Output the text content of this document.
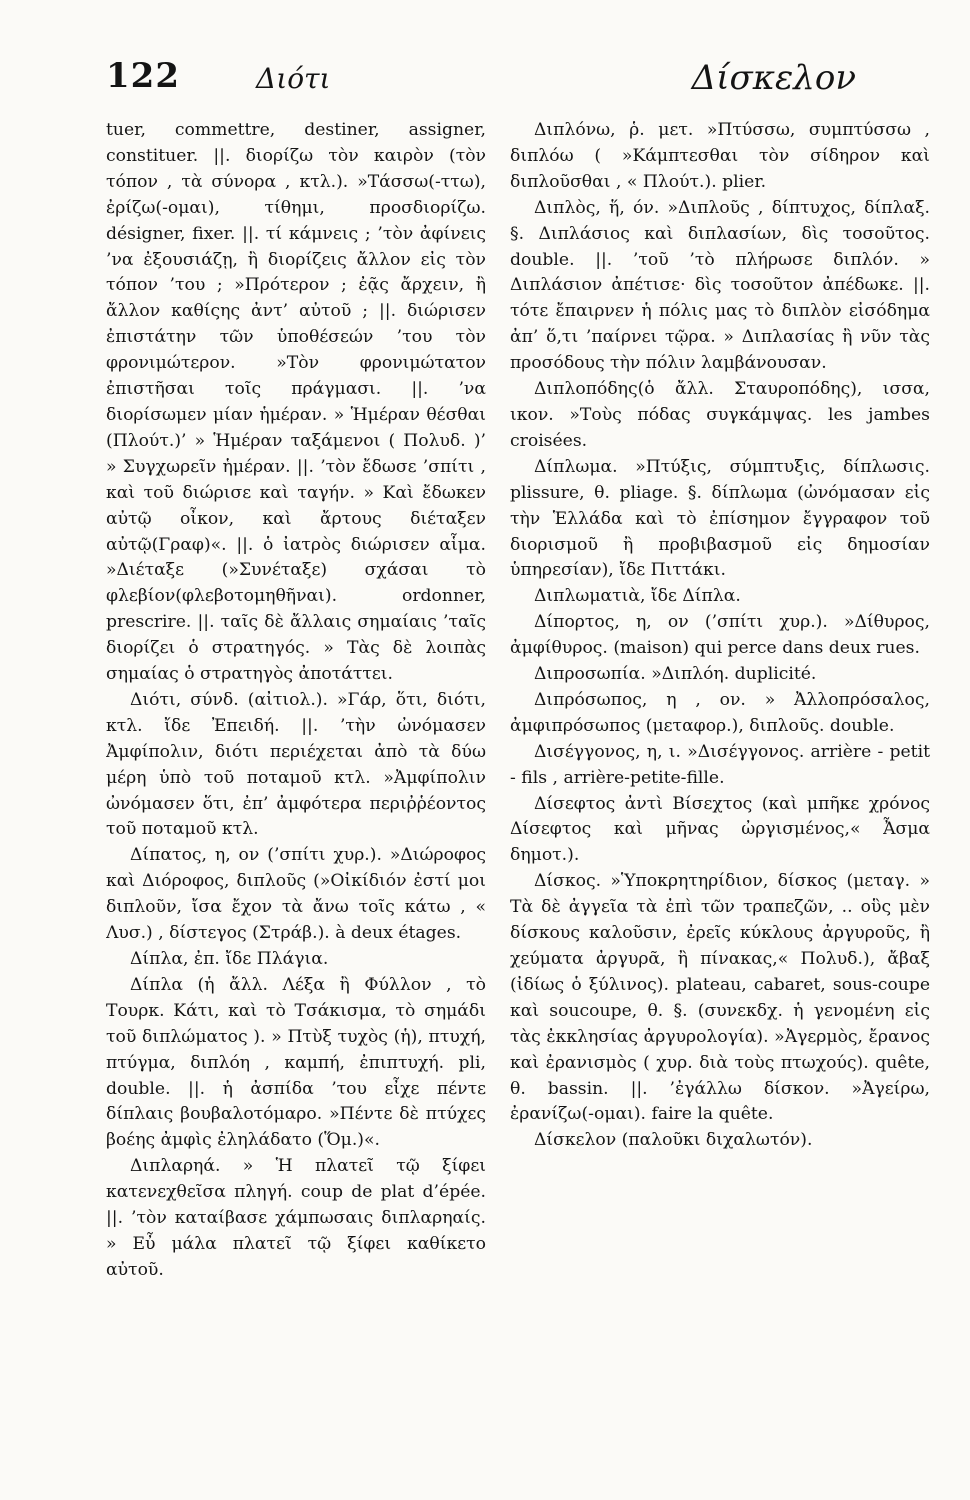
122	Διότι	Δίσκελον

tuer, commettre, destiner, assigner, constituer. ||. διορίζω τὸν καιρὸν (τὸν τόπον , τὰ σύνορα , κτλ.). »Τάσσω(-ττω), ἐρίζω(-ομαι), τίθημι, προσδιορίζω. désigner, fixer. ||. τί κάμνεις ; ’τὸν ἀφίνεις ’να ἐξουσιάζῃ, ἢ διορίζεις ἄλλον εἰς τὸν τόπον ’του ; »Πρότερον ; ἐᾷς ἄρχειν, ἢ ἄλλον καθίςης ἀντ’ αὐτοῦ ; ||. διώρισεν ἐπιστάτην τῶν ὑποθέσεών ’του τὸν φρονιμώτερον. »Τὸν φρονιμώτατον ἐπιστῆσαι τοῖς πράγμασι. ||. ’να διορίσωμεν μίαν ἡμέραν. » Ἡμέραν θέσθαι (Πλούτ.)’ » Ἡμέραν ταξάμενοι ( Πολυδ. )’ » Συγχωρεῖν ἡμέραν. ||. ’τὸν ἔδωσε ’σπίτι , καὶ τοῦ διώρισε καὶ ταγήν. » Καὶ ἔδωκεν αὐτῷ οἶκον, καὶ ἄρτους διέταξεν αὐτῷ(Γραφ)«. ||. ὁ ἰατρὸς διώρισεν αἷμα. »Διέταξε (»Συνέταξε) σχάσαι τὸ φλεβίον(φλεβοτομηθῆναι). ordonner, prescrire. ||. ταῖς δὲ ἄλλαις σημαίαις ’ταῖς διορίζει ὁ στρατηγός. » Τὰς δὲ λοιπὰς σημαίας ὁ στρατηγὸς ἀποτάττει.

Διότι, σύνδ. (αἰτιολ.). »Γάρ, ὅτι, διότι, κτλ. ἴδε Ἐπειδή. ||. ’τὴν ὠνόμασεν Ἀμφίπολιν, διότι περιέχεται ἀπὸ τὰ δύω μέρη ὑπὸ τοῦ ποταμοῦ κτλ. »Ἀμφίπολιν ὠνόμασεν ὅτι, ἐπ’ ἀμφότερα περιῤῥέοντος τοῦ ποταμοῦ κτλ.

Δίπατος, η, ον (’σπίτι χυρ.). »Διώροφος καὶ Διόροφος, διπλοῦς (»Οἰκίδιόν ἐστί μοι διπλοῦν, ἴσα ἔχον τὰ ἄνω τοῖς κάτω , « Λυσ.) , δίστεγος (Στράβ.). à deux étages.

Δίπλα, ἐπ. ἴδε Πλάγια.

Δίπλα (ἡ ἄλλ. Λέξα ἢ Φύλλον , τὸ Τουρκ. Κάτι, καὶ τὸ Τσάκισμα, τὸ σημάδι τοῦ διπλώματος ). » Πτὺξ τυχὸς (ἡ), πτυχή, πτύγμα, διπλόη , καμπή, ἐπιπτυχή. pli, double. ||. ἡ ἀσπίδα ’του εἶχε πέντε δίπλαις βουβαλοτόμαρο. »Πέντε δὲ πτύχες βοέης ἀμφὶς ἐληλάδατο (Ὅμ.)«.

Διπλαρηά. » Ἡ πλατεῖ τῷ ξίφει κατενεχθεῖσα πληγή. coup de plat d’épée. ||. ’τὸν καταίβασε χάμπωσαις διπλαρηαίς. » Εὖ μάλα πλατεῖ τῷ ξίφει καθίκετο αὐτοῦ.

Διπλόνω, ῥ. μετ. »Πτύσσω, συμπτύσσω , διπλόω ( »Κάμπτεσθαι τὸν σίδηρον καὶ διπλοῦσθαι , « Πλούτ.). plier.

Διπλὸς, ἥ, όν. »Διπλοῦς , δίπτυχος, δίπλαξ. §. Διπλάσιος καὶ διπλασίων, δὶς τοσοῦτος. double. ||. ’τοῦ ’τὸ πλήρωσε διπλόν. » Διπλάσιον ἀπέτισε· δὶς τοσοῦτον ἀπέδωκε. ||. τότε ἔπαιρνεν ἡ πόλις μας τὸ διπλὸν εἰσόδημα ἀπ’ ὅ,τι ’παίρνει τῷρα. » Διπλασίας ἢ νῦν τὰς προσόδους τὴν πόλιν λαμβάνουσαν.

Διπλοπόδης(ὁ ἄλλ. Σταυροπόδης), ισσα, ικον. »Τοὺς πόδας συγκάμψας. les jambes croisées.

Δίπλωμα. »Πτύξις, σύμπτυξις, δίπλωσις. plissure, θ. pliage. §. δίπλωμα (ὠνόμασαν εἰς τὴν Ἑλλάδα καὶ τὸ ἐπίσημον ἔγγραφον τοῦ διορισμοῦ ἢ προβιβασμοῦ εἰς δημοσίαν ὑπηρεσίαν), ἴδε Πιττάκι.

Διπλωματιὰ, ἴδε Δίπλα.

Δίπορτος, η, ον (’σπίτι χυρ.). »Δίθυρος, ἀμφίθυρος. (maison) qui perce dans deux rues.

Διπροσωπία. »Διπλόη. duplicité.

Διπρόσωπος, η , ον. » Ἀλλοπρόσαλος, ἀμφιπρόσωπος (μεταφορ.), διπλοῦς. double.

Δισέγγονος, η, ι. »Δισέγγονος. arrière - petit - fils , arrière-petite-fille.

Δίσεφτος ἀντὶ Βίσεχτος (καὶ μπῆκε χρόνος Δίσεφτος καὶ μῆνας ὠργισμένος,« Ἆσμα δημοτ.).

Δίσκος. »Ὑποκρητηρίδιον, δίσκος (μεταγ. » Τὰ δὲ ἀγγεῖα τὰ ἐπὶ τῶν τραπεζῶν, .. οὓς μὲν δίσκους καλοῦσιν, ἐρεῖς κύκλους ἀργυροῦς, ἢ χεύματα ἀργυρᾶ, ἢ πίνακας,« Πολυδ.), ἄβαξ (ἰδίως ὁ ξύλινος). plateau, cabaret, sous-coupe καὶ soucoupe, θ. §. (συνεκδχ. ἡ γενομένη εἰς τὰς ἐκκλησίας ἀργυρολογία). »Ἀγερμὸς, ἔρανος καὶ ἐρανισμὸς ( χυρ. διὰ τοὺς πτωχούς). quête, θ. bassin. ||. ’ἐγάλλω δίσκον. »Ἀγείρω, ἐρανίζω(-ομαι). faire la quête.

Δίσκελον (παλοῦκι διχαλωτόν).
